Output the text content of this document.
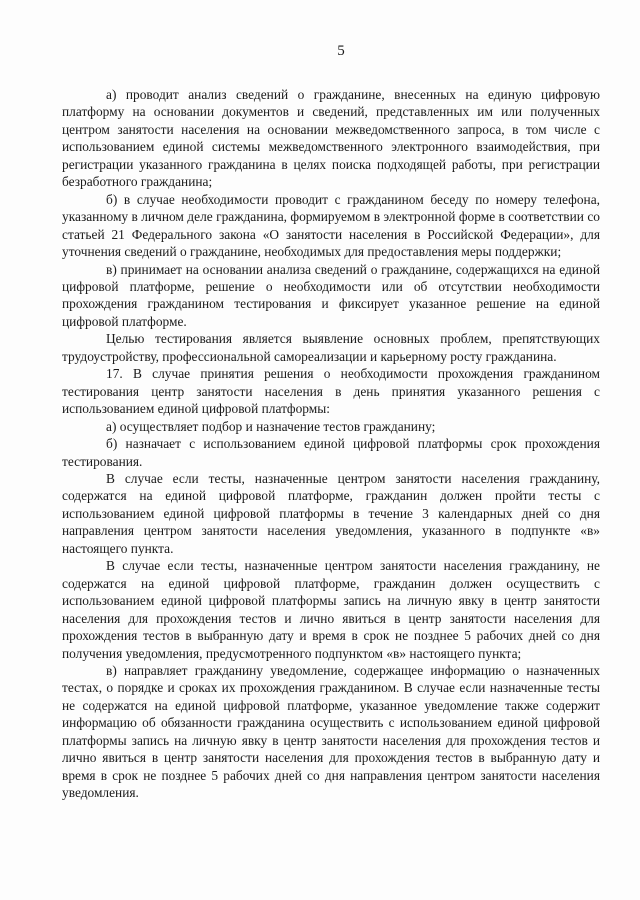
5

а) проводит анализ сведений о гражданине, внесенных на единую цифровую платформу на основании документов и сведений, представленных им или полученных центром занятости населения на основании межведомственного запроса, в том числе с использованием единой системы межведомственного электронного взаимодействия, при регистрации указанного гражданина в целях поиска подходящей работы, при регистрации безработного гражданина;

б) в случае необходимости проводит с гражданином беседу по номеру телефона, указанному в личном деле гражданина, формируемом в электронной форме в соответствии со статьей 21 Федерального закона «О занятости населения в Российской Федерации», для уточнения сведений о гражданине, необходимых для предоставления меры поддержки;

в) принимает на основании анализа сведений о гражданине, содержащихся на единой цифровой платформе, решение о необходимости или об отсутствии необходимости прохождения гражданином тестирования и фиксирует указанное решение на единой цифровой платформе.

Целью тестирования является выявление основных проблем, препятствующих трудоустройству, профессиональной самореализации и карьерному росту гражданина.

17. В случае принятия решения о необходимости прохождения гражданином тестирования центр занятости населения в день принятия указанного решения с использованием единой цифровой платформы:

а) осуществляет подбор и назначение тестов гражданину;

б) назначает с использованием единой цифровой платформы срок прохождения тестирования.

В случае если тесты, назначенные центром занятости населения гражданину, содержатся на единой цифровой платформе, гражданин должен пройти тесты с использованием единой цифровой платформы в течение 3 календарных дней со дня направления центром занятости населения уведомления, указанного в подпункте «в» настоящего пункта.

В случае если тесты, назначенные центром занятости населения гражданину, не содержатся на единой цифровой платформе, гражданин должен осуществить с использованием единой цифровой платформы запись на личную явку в центр занятости населения для прохождения тестов и лично явиться в центр занятости населения для прохождения тестов в выбранную дату и время в срок не позднее 5 рабочих дней со дня получения уведомления, предусмотренного подпунктом «в» настоящего пункта;

в) направляет гражданину уведомление, содержащее информацию о назначенных тестах, о порядке и сроках их прохождения гражданином. В случае если назначенные тесты не содержатся на единой цифровой платформе, указанное уведомление также содержит информацию об обязанности гражданина осуществить с использованием единой цифровой платформы запись на личную явку в центр занятости населения для прохождения тестов и лично явиться в центр занятости населения для прохождения тестов в выбранную дату и время в срок не позднее 5 рабочих дней со дня направления центром занятости населения уведомления.
